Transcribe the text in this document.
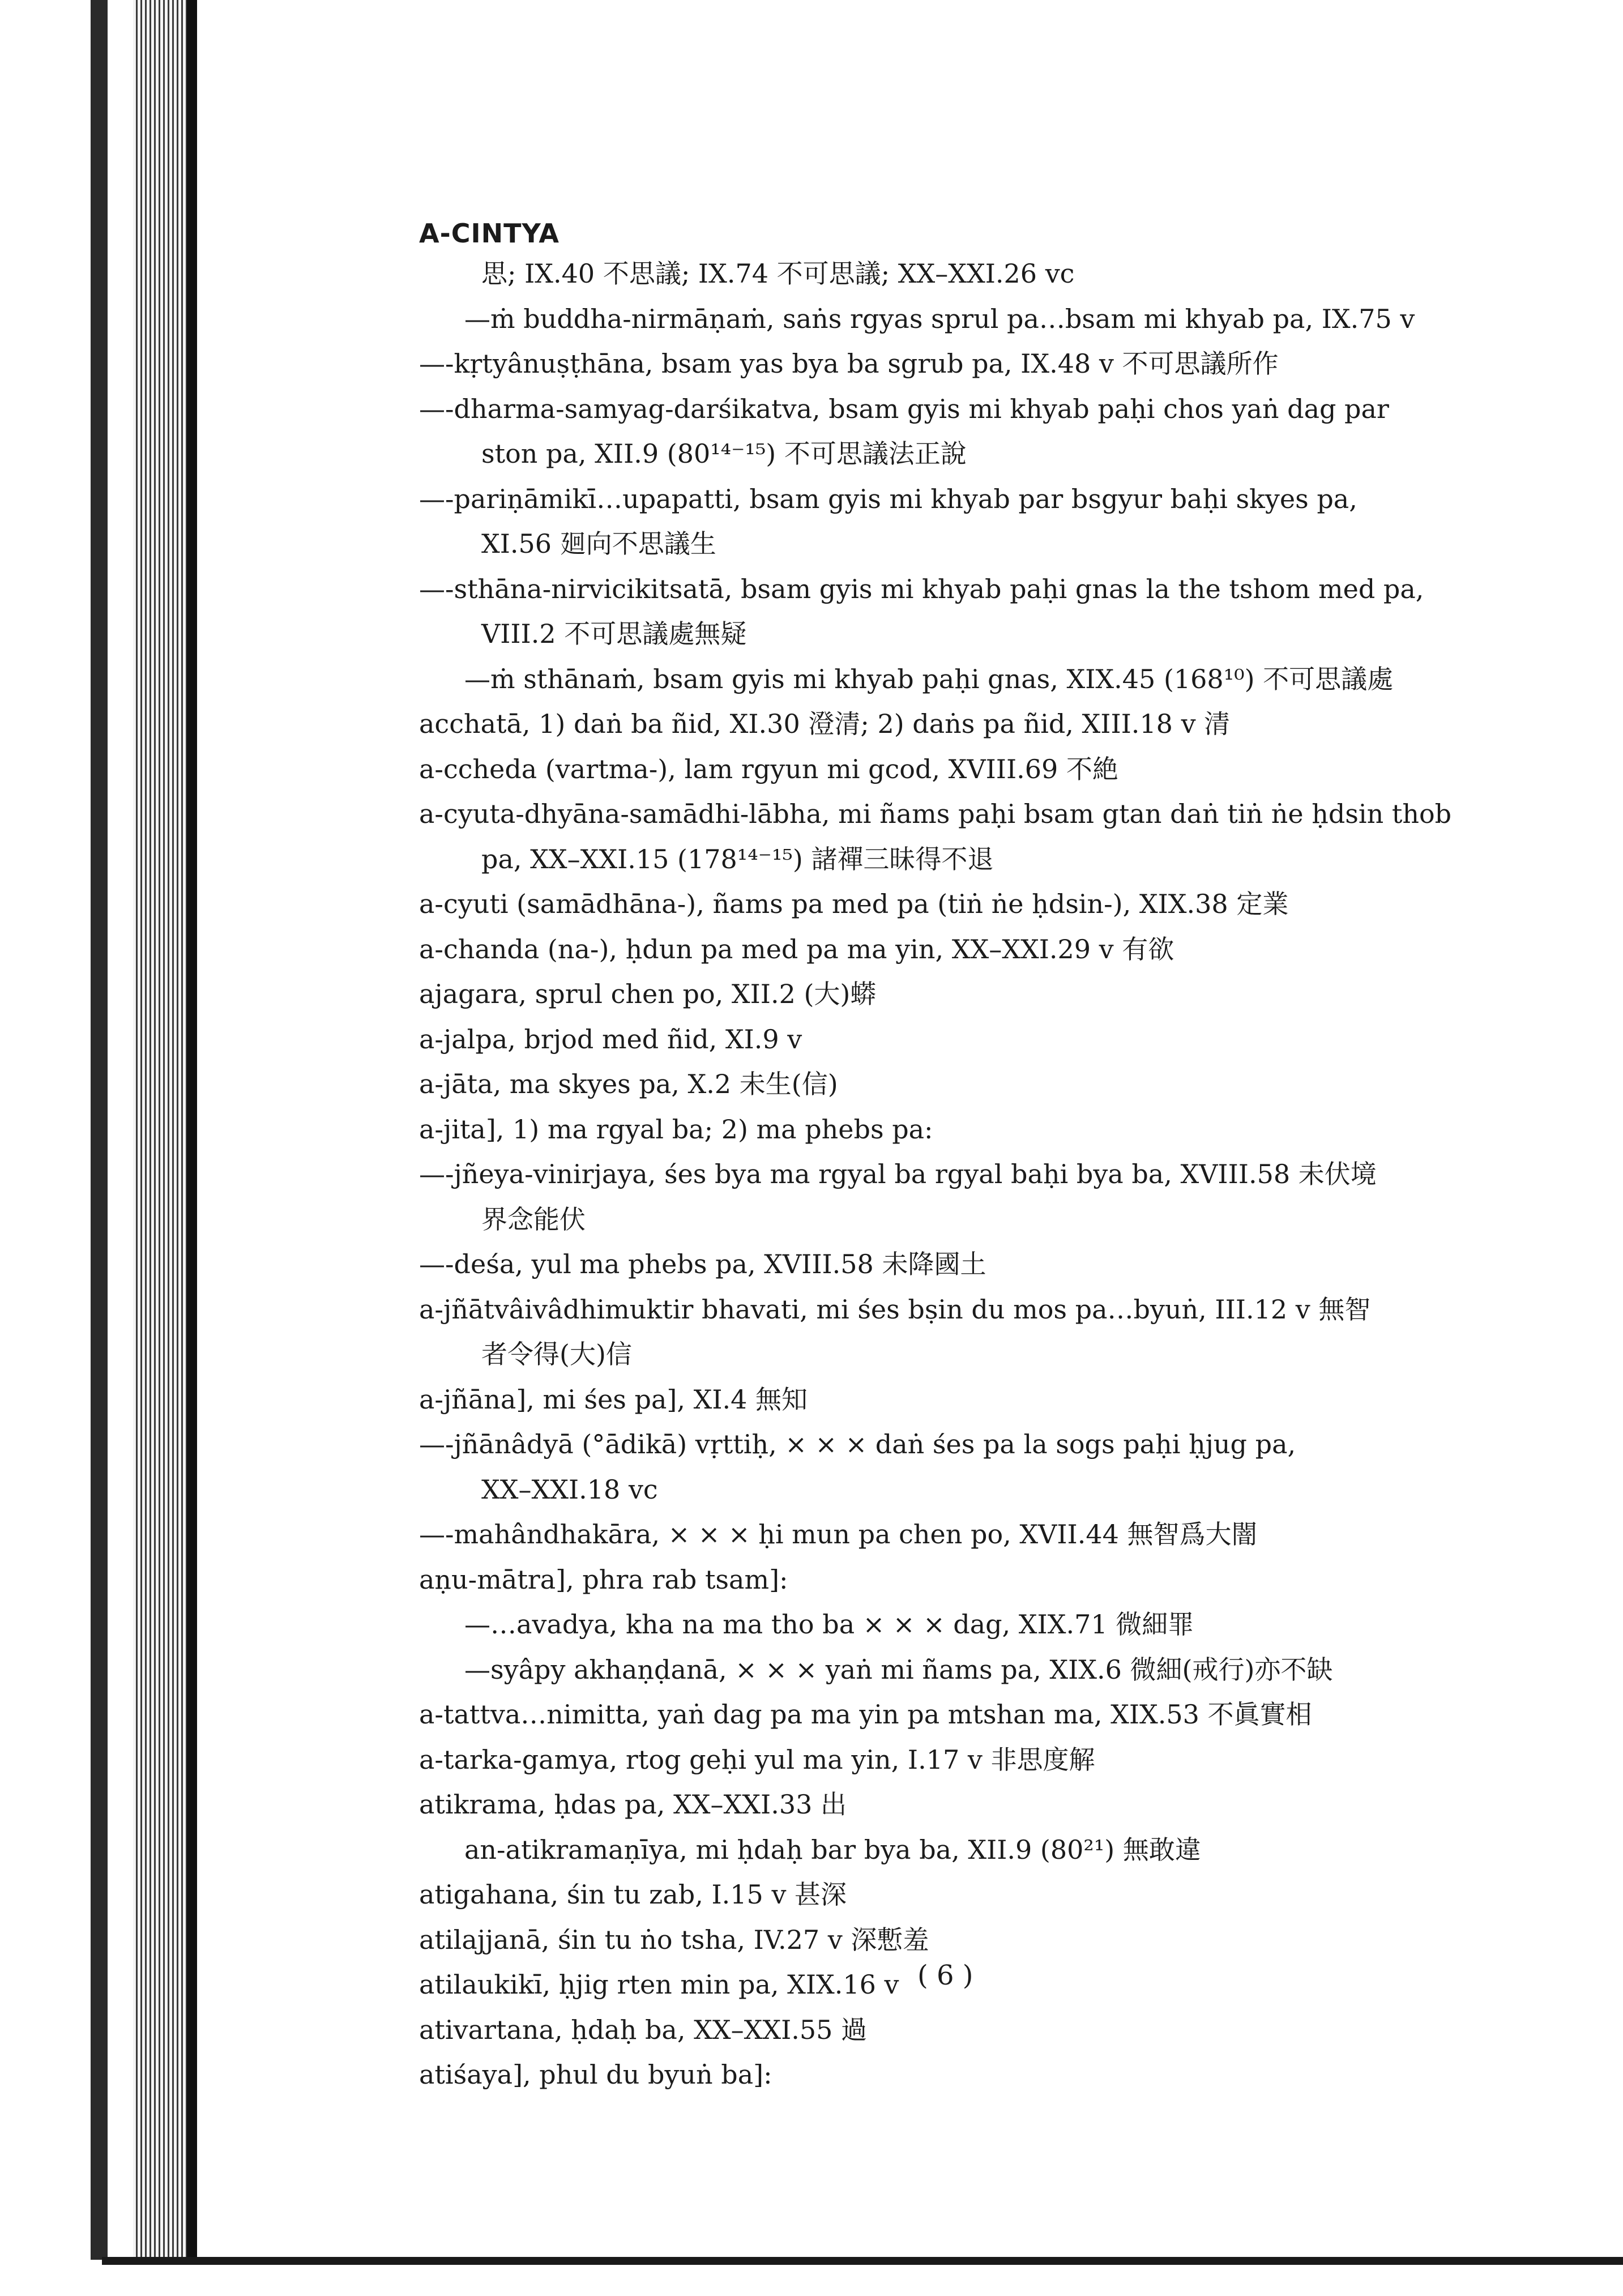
A-CINTYA
思; IX.40 不思議; IX.74 不可思議; XX–XXI.26 vc
—ṁ buddha-nirmāṇaṁ, saṅs rgyas sprul pa…bsam mi khyab pa, IX.75 v
—-kṛtyânuṣṭhāna, bsam yas bya ba sgrub pa, IX.48 v 不可思議所作
—-dharma-samyag-darśikatva, bsam gyis mi khyab paḥi chos yaṅ dag par
ston pa, XII.9 (80¹⁴⁻¹⁵) 不可思議法正說
—-pariṇāmikī…upapatti, bsam gyis mi khyab par bsgyur baḥi skyes pa,
XI.56 廻向不思議生
—-sthāna-nirvicikitsatā, bsam gyis mi khyab paḥi gnas la the tshom med pa,
VIII.2 不可思議處無疑
—ṁ sthānaṁ, bsam gyis mi khyab paḥi gnas, XIX.45 (168¹⁰) 不可思議處
acchatā, 1) daṅ ba ñid, XI.30 澄清; 2) daṅs pa ñid, XIII.18 v 清
a-ccheda (vartma-), lam rgyun mi gcod, XVIII.69 不絶
a-cyuta-dhyāna-samādhi-lābha, mi ñams paḥi bsam gtan daṅ tiṅ ṅe ḥdsin thob
pa, XX–XXI.15 (178¹⁴⁻¹⁵) 諸禪三昧得不退
a-cyuti (samādhāna-), ñams pa med pa (tiṅ ṅe ḥdsin-), XIX.38 定業
a-chanda (na-), ḥdun pa med pa ma yin, XX–XXI.29 v 有欲
ajagara, sprul chen po, XII.2 (大)蟒
a-jalpa, brjod med ñid, XI.9 v
a-jāta, ma skyes pa, X.2 未生(信)
a-jita], 1) ma rgyal ba; 2) ma phebs pa:
—-jñeya-vinirjaya, śes bya ma rgyal ba rgyal baḥi bya ba, XVIII.58 未伏境
界念能伏
—-deśa, yul ma phebs pa, XVIII.58 未降國土
a-jñātvâivâdhimuktir bhavati, mi śes bṣin du mos pa…byuṅ, III.12 v 無智
者令得(大)信
a-jñāna], mi śes pa], XI.4 無知
—-jñānâdyā (°ādikā) vṛttiḥ, × × × daṅ śes pa la sogs paḥi ḥjug pa,
XX–XXI.18 vc
—-mahândhakāra, × × × ḥi mun pa chen po, XVII.44 無智爲大闇
aṇu-mātra], phra rab tsam]:
—…avadya, kha na ma tho ba × × × dag, XIX.71 微細罪
—syâpy akhaṇḍanā, × × × yaṅ mi ñams pa, XIX.6 微細(戒行)亦不缺
a-tattva…nimitta, yaṅ dag pa ma yin pa mtshan ma, XIX.53 不眞實相
a-tarka-gamya, rtog geḥi yul ma yin, I.17 v 非思度解
atikrama, ḥdas pa, XX–XXI.33 出
an-atikramaṇīya, mi ḥdaḥ bar bya ba, XII.9 (80²¹) 無敢違
atigahana, śin tu zab, I.15 v 甚深
atilajjanā, śin tu ṅo tsha, IV.27 v 深慙羞
atilaukikī, ḥjig rten min pa, XIX.16 v
ativartana, ḥdaḥ ba, XX–XXI.55 過
atiśaya], phul du byuṅ ba]:
( 6 )
